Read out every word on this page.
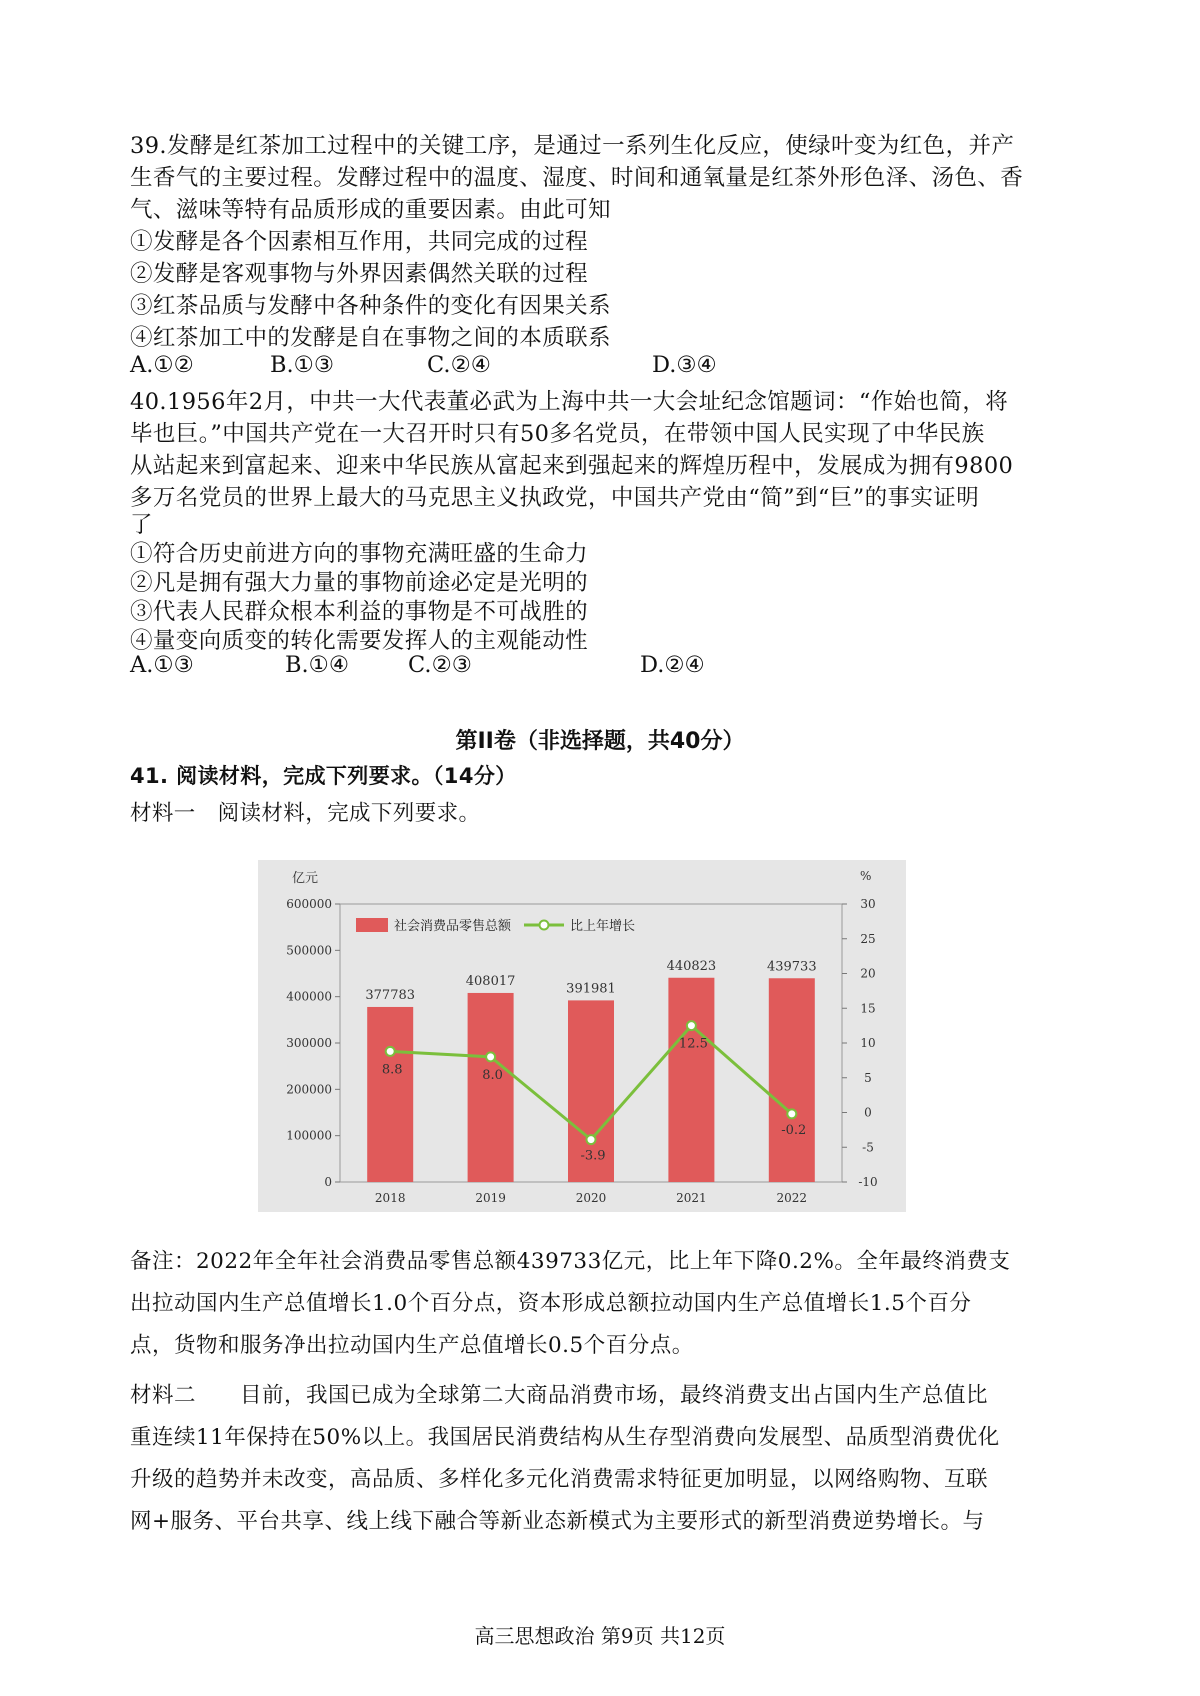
39.发酵是红茶加工过程中的关键工序，是通过一系列生化反应，使绿叶变为红色，并产
生香气的主要过程。发酵过程中的温度、湿度、时间和通氧量是红茶外形色泽、汤色、香
气、滋味等特有品质形成的重要因素。由此可知
①发酵是各个因素相互作用，共同完成的过程
②发酵是客观事物与外界因素偶然关联的过程
③红茶品质与发酵中各种条件的变化有因果关系
④红茶加工中的发酵是自在事物之间的本质联系
A.①②	B.①③	C.②④	D.③④
40.1956年2月，中共一大代表董必武为上海中共一大会址纪念馆题词：“作始也简，将
毕也巨。”中国共产党在一大召开时只有50多名党员，在带领中国人民实现了中华民族
从站起来到富起来、迎来中华民族从富起来到强起来的辉煌历程中，发展成为拥有9800
多万名党员的世界上最大的马克思主义执政党，中国共产党由“简”到“巨”的事实证明
了
①符合历史前进方向的事物充满旺盛的生命力
②凡是拥有强大力量的事物前途必定是光明的
③代表人民群众根本利益的事物是不可战胜的
④量变向质变的转化需要发挥人的主观能动性
A.①③	B.①④	C.②③	D.②④
第II卷（非选择题，共40分）
41. 阅读材料，完成下列要求。（14分）
材料一　阅读材料，完成下列要求。
0
100000
200000
300000
400000
500000
600000
-10
-5
0
5
10
15
20
25
30
亿元	%
377783
2018
408017
2019
391981
2020
440823
2021
439733
2022
8.8	8.0
-3.9
12.5
-0.2
社会消费品零售总额	比上年增长
备注：2022年全年社会消费品零售总额439733亿元，比上年下降0.2%。全年最终消费支
出拉动国内生产总值增长1.0个百分点，资本形成总额拉动国内生产总值增长1.5个百分
点，货物和服务净出拉动国内生产总值增长0.5个百分点。
材料二　　目前，我国已成为全球第二大商品消费市场，最终消费支出占国内生产总值比
重连续11年保持在50%以上。我国居民消费结构从生存型消费向发展型、品质型消费优化
升级的趋势并未改变，高品质、多样化多元化消费需求特征更加明显，以网络购物、互联
网+服务、平台共享、线上线下融合等新业态新模式为主要形式的新型消费逆势增长。与
高三思想政治 第9页 共12页
